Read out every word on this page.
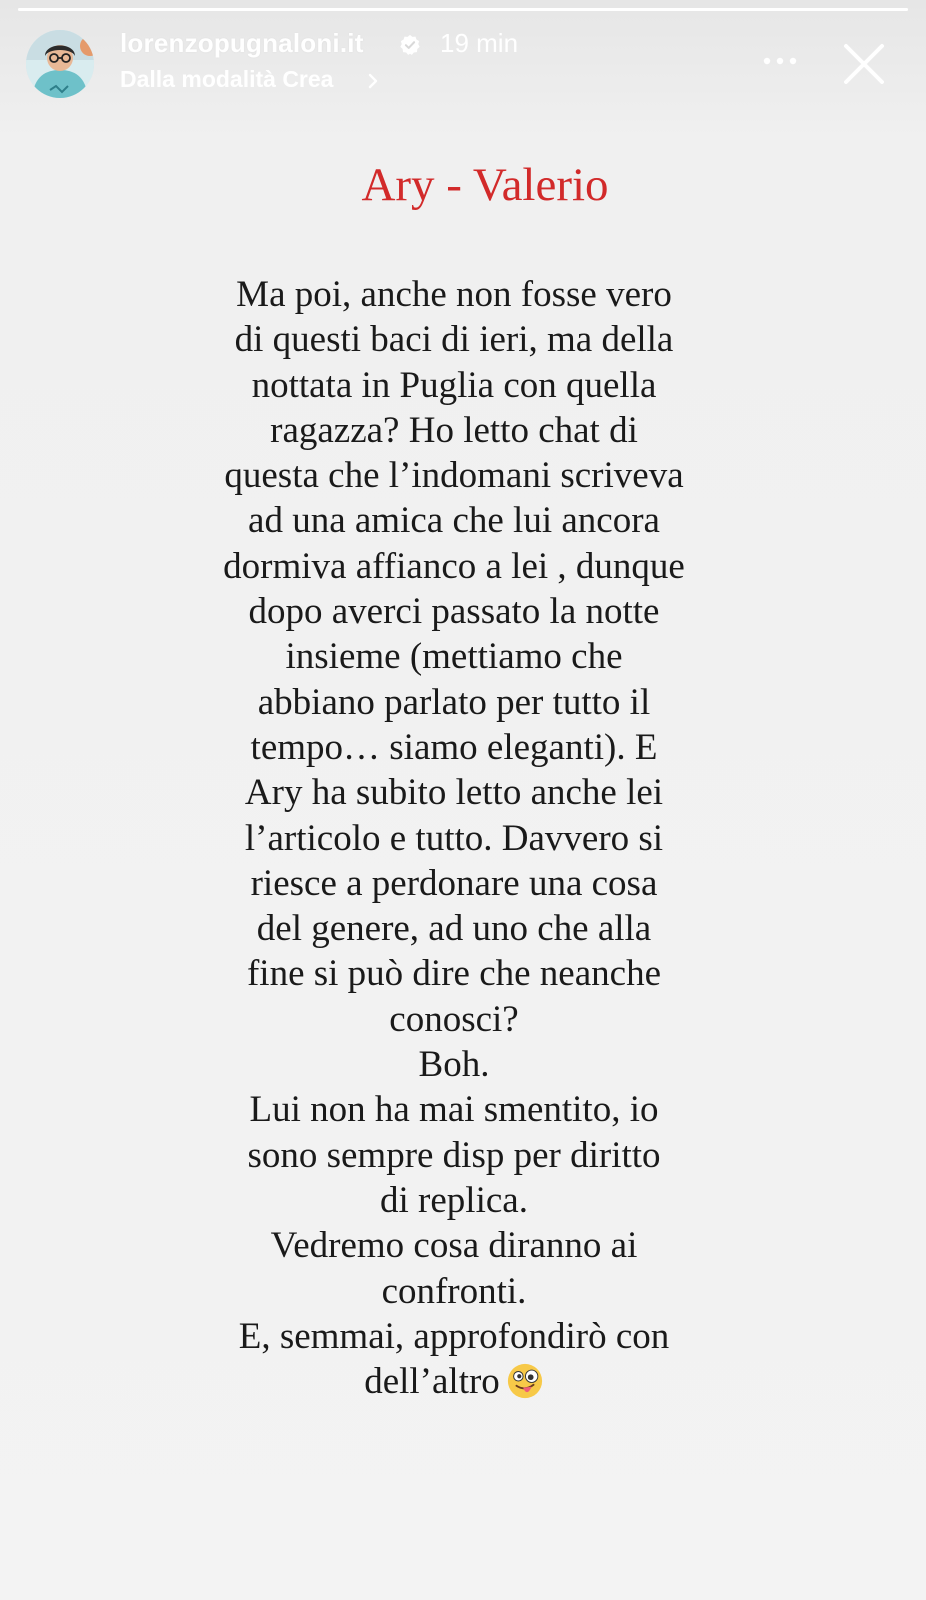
lorenzopugnaloni.it	19 min
Dalla modalità Crea
Ary - Valerio
Ma poi, anche non fosse vero
di questi baci di ieri, ma della
nottata in Puglia con quella
ragazza? Ho letto chat di
questa che l’indomani scriveva
ad una amica che lui ancora
dormiva affianco a lei , dunque
dopo averci passato la notte
insieme (mettiamo che
abbiano parlato per tutto il
tempo… siamo eleganti). E
Ary ha subito letto anche lei
l’articolo e tutto. Davvero si
riesce a perdonare una cosa
del genere, ad uno che alla
fine si può dire che neanche
conosci?
Boh.
Lui non ha mai smentito, io
sono sempre disp per diritto
di replica.
Vedremo cosa diranno ai
confronti.
E, semmai, approfondirò con
dell’altro
